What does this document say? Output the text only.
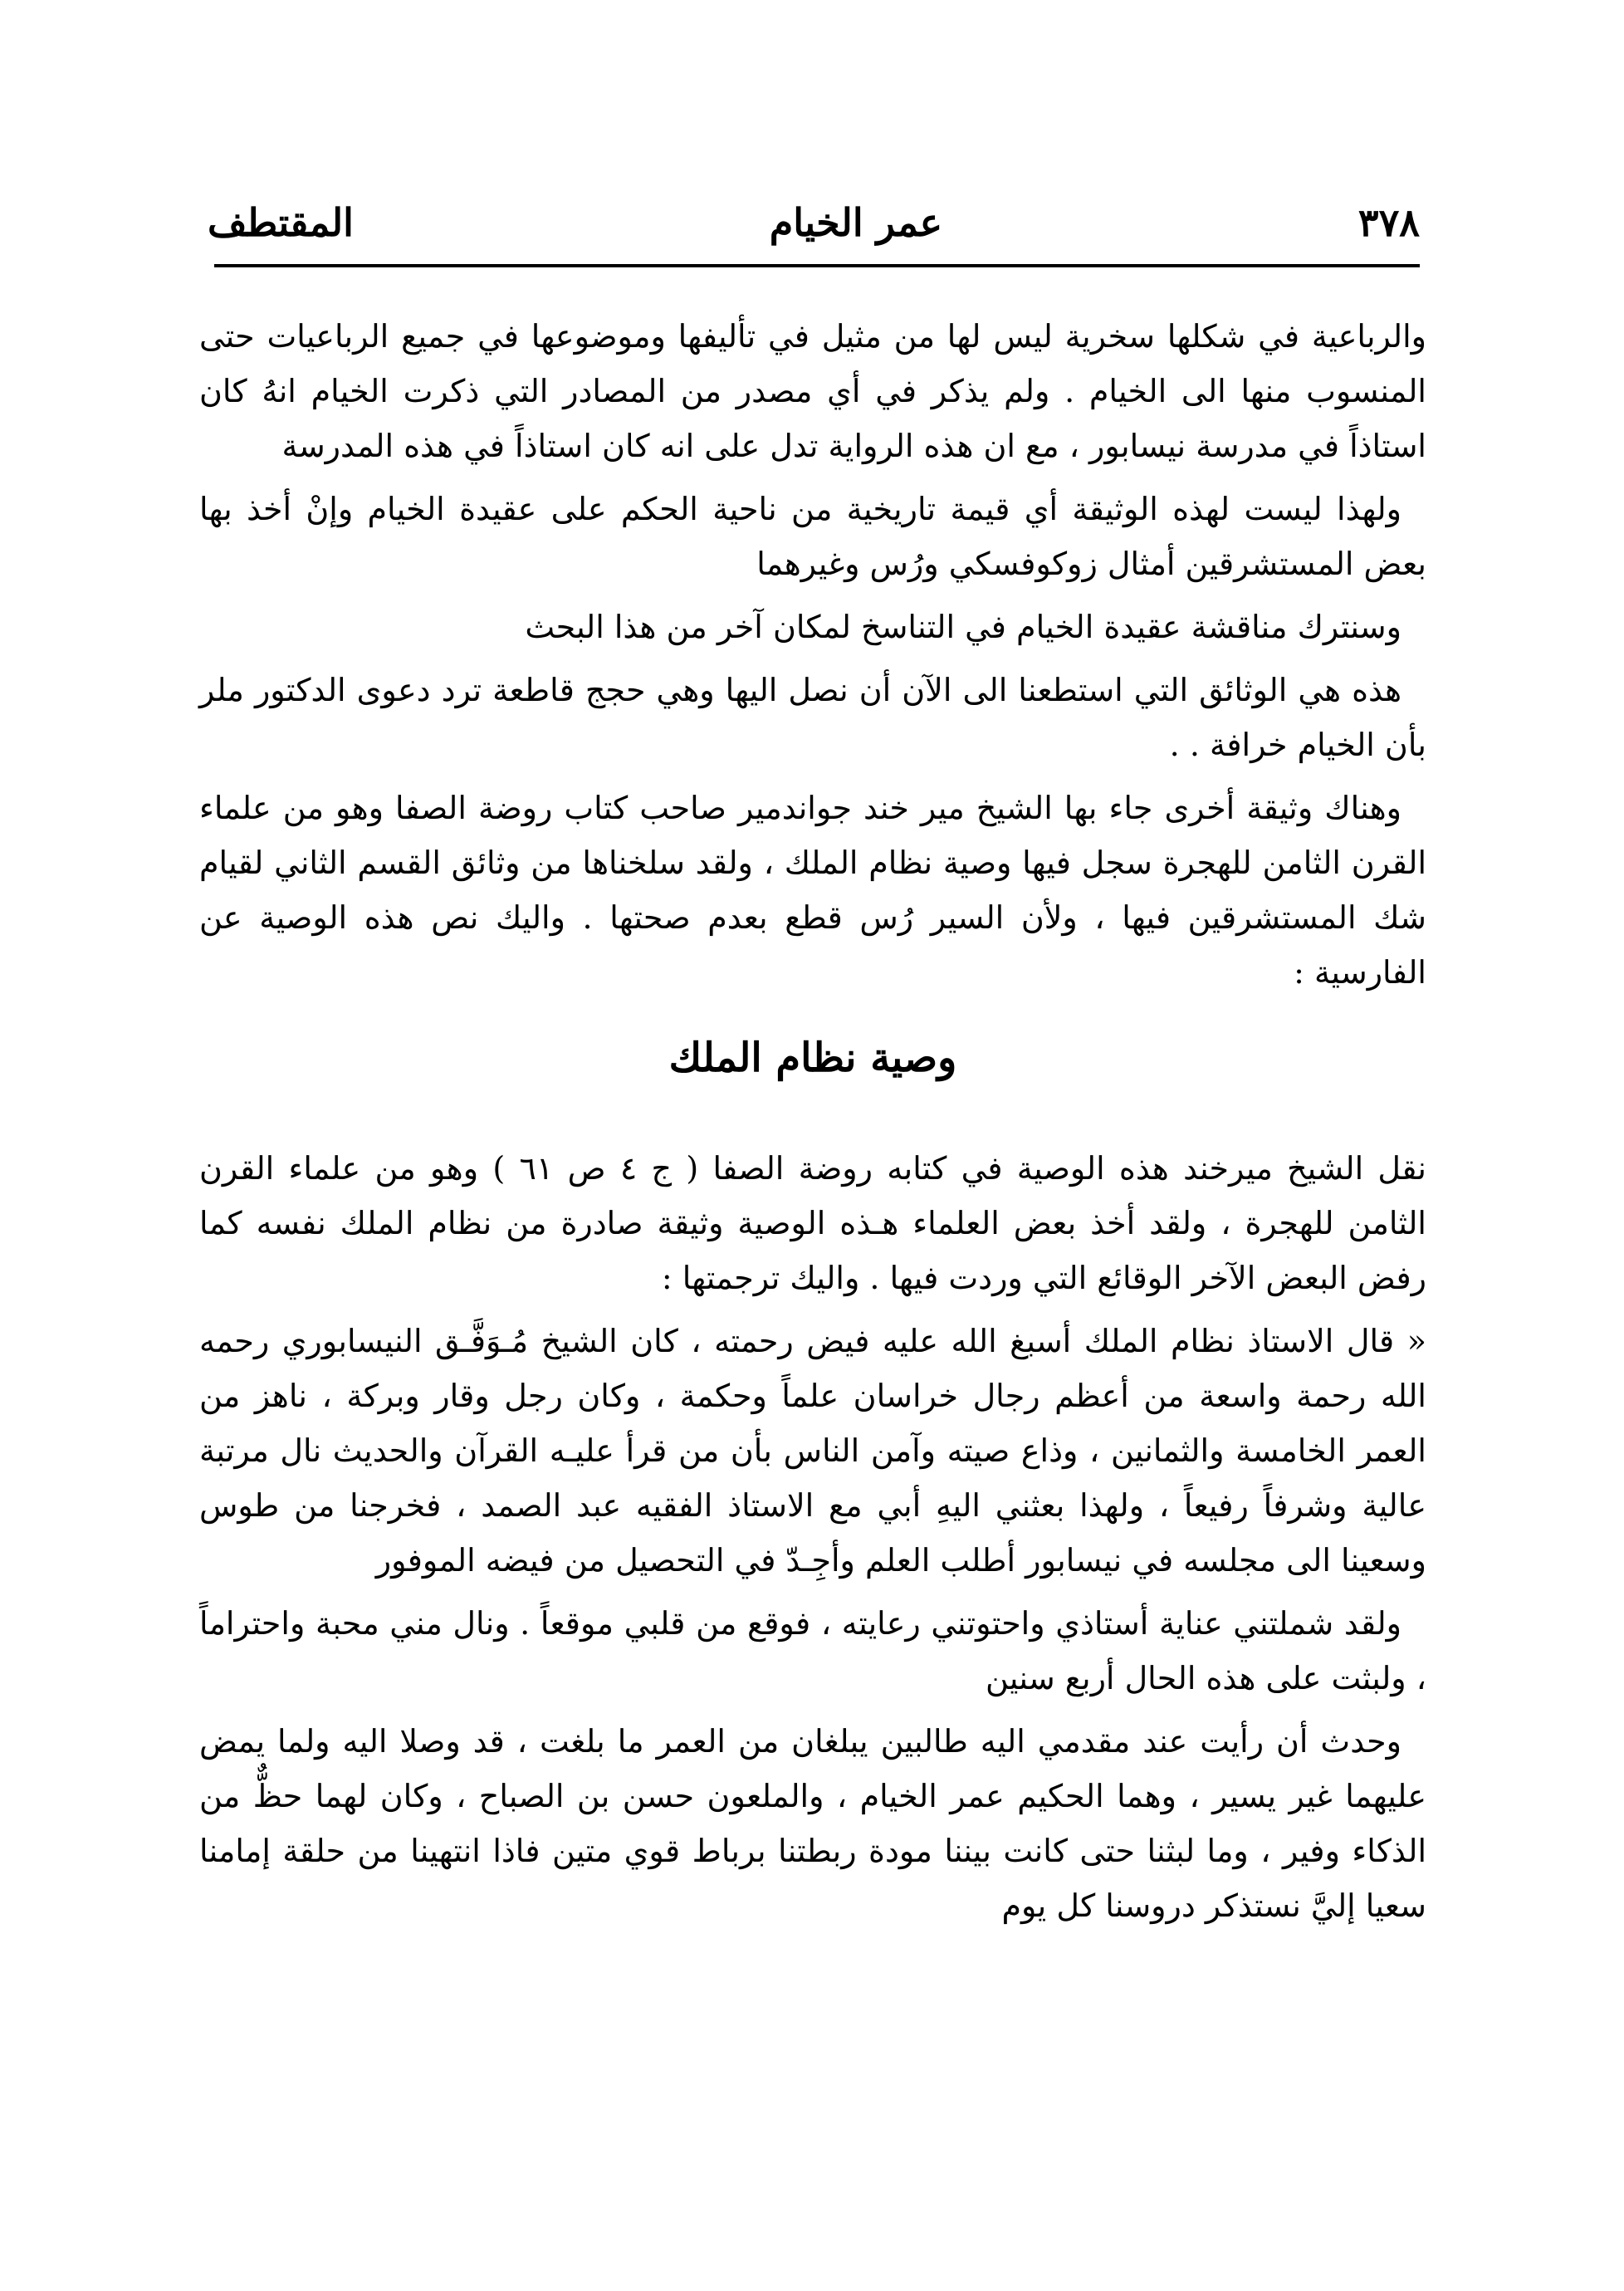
٣٧٨
عمر الخيام
المقتطف

والرباعية في شكلها سخرية ليس لها من مثيل في تأليفها وموضوعها في جميع الرباعيات حتى المنسوب منها الى الخيام . ولم يذكر في أي مصدر من المصادر التي ذكرت الخيام انهُ كان استاذاً في مدرسة نيسابور ، مع ان هذه الرواية تدل على انه كان استاذاً في هذه المدرسة

ولهذا ليست لهذه الوثيقة أي قيمة تاريخية من ناحية الحكم على عقيدة الخيام وإنْ أخذ بها بعض المستشرقين أمثال زوكوفسكي ورُس وغيرهما

وسنترك مناقشة عقيدة الخيام في التناسخ لمكان آخر من هذا البحث

هذه هي الوثائق التي استطعنا الى الآن أن نصل اليها وهي حجج قاطعة ترد دعوى الدكتور ملر بأن الخيام خرافة . .

وهناك وثيقة أخرى جاء بها الشيخ مير خند جواندمير صاحب كتاب روضة الصفا وهو من علماء القرن الثامن للهجرة سجل فيها وصية نظام الملك ، ولقد سلخناها من وثائق القسم الثاني لقيام شك المستشرقين فيها ، ولأن السير رُس قطع بعدم صحتها . واليك نص هذه الوصية عن الفارسية :

وصية نظام الملك

نقل الشيخ ميرخند هذه الوصية في كتابه روضة الصفا ( ج ٤ ص ٦١ ) وهو من علماء القرن الثامن للهجرة ، ولقد أخذ بعض العلماء هـذه الوصية وثيقة صادرة من نظام الملك نفسه كما رفض البعض الآخر الوقائع التي وردت فيها . واليك ترجمتها :

« قال الاستاذ نظام الملك أسبغ الله عليه فيض رحمته ، كان الشيخ مُـوَفَّـق النيسابوري رحمه الله رحمة واسعة من أعظم رجال خراسان علماً وحكمة ، وكان رجل وقار وبركة ، ناهز من العمر الخامسة والثمانين ، وذاع صيته وآمن الناس بأن من قرأ عليـه القرآن والحديث نال مرتبة عالية وشرفاً رفيعاً ، ولهذا بعثني اليهِ أبي مع الاستاذ الفقيه عبد الصمد ، فخرجنا من طوس وسعينا الى مجلسه في نيسابور أطلب العلم وأجِـدّ في التحصيل من فيضه الموفور

ولقد شملتني عناية أستاذي واحتوتني رعايته ، فوقع من قلبي موقعاً . ونال مني محبة واحتراماً ، ولبثت على هذه الحال أربع سنين

وحدث أن رأيت عند مقدمي اليه طالبين يبلغان من العمر ما بلغت ، قد وصلا اليه ولما يمض عليهما غير يسير ، وهما الحكيم عمر الخيام ، والملعون حسن بن الصباح ، وكان لهما حظٌّ من الذكاء وفير ، وما لبثنا حتى كانت بيننا مودة ربطتنا برباط قوي متين فاذا انتهينا من حلقة إمامنا سعيا إليَّ نستذكر دروسنا كل يوم
